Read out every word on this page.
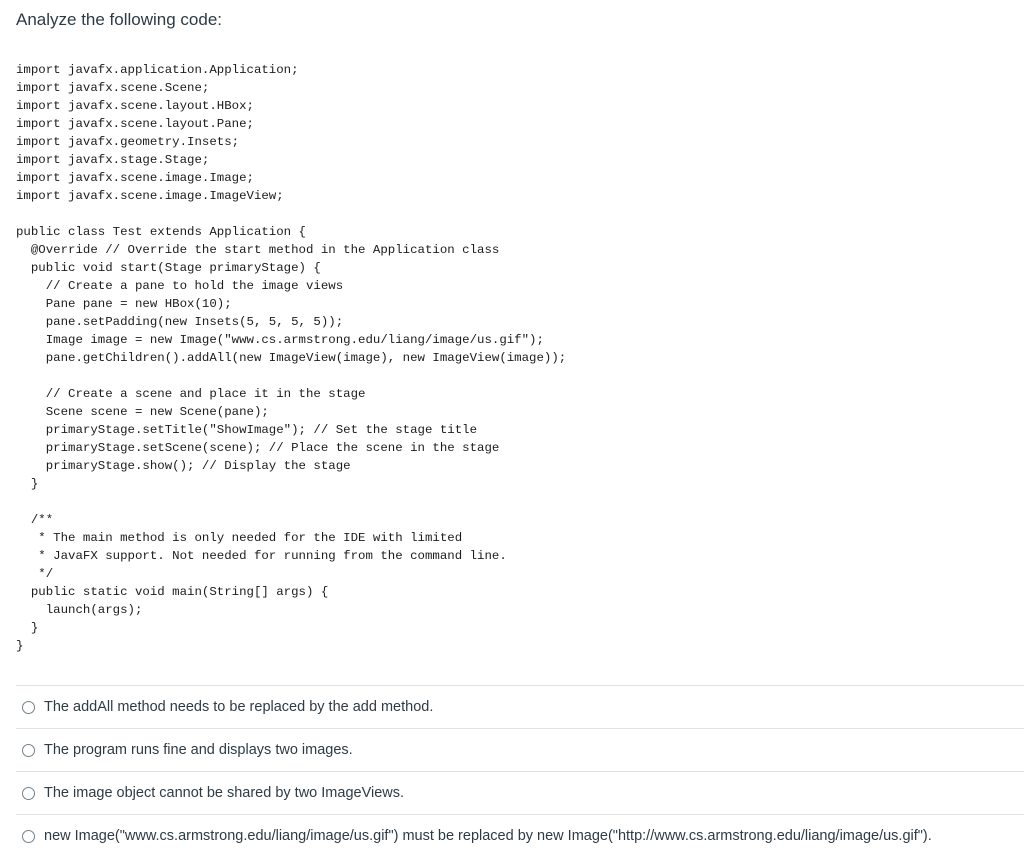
Analyze the following code:

import javafx.application.Application;
import javafx.scene.Scene;
import javafx.scene.layout.HBox;
import javafx.scene.layout.Pane;
import javafx.geometry.Insets;
import javafx.stage.Stage;
import javafx.scene.image.Image;
import javafx.scene.image.ImageView;
public class Test extends Application {
@Override // Override the start method in the Application class
public void start(Stage primaryStage) {
// Create a pane to hold the image views
Pane pane = new HBox(10);
pane.setPadding(new Insets(5, 5, 5, 5));
Image image = new Image("www.cs.armstrong.edu/liang/image/us.gif");
pane.getChildren().addAll(new ImageView(image), new ImageView(image));
// Create a scene and place it in the stage
Scene scene = new Scene(pane);
primaryStage.setTitle("ShowImage"); // Set the stage title
primaryStage.setScene(scene); // Place the scene in the stage
primaryStage.show(); // Display the stage
}
/**
* The main method is only needed for the IDE with limited
* JavaFX support. Not needed for running from the command line.
*/
public static void main(String[] args) {
launch(args);
}
}
The addAll method needs to be replaced by the add method.
The program runs fine and displays two images.
The image object cannot be shared by two ImageViews.
new Image("www.cs.armstrong.edu/liang/image/us.gif") must be replaced by new Image("http://www.cs.armstrong.edu/liang/image/us.gif").
